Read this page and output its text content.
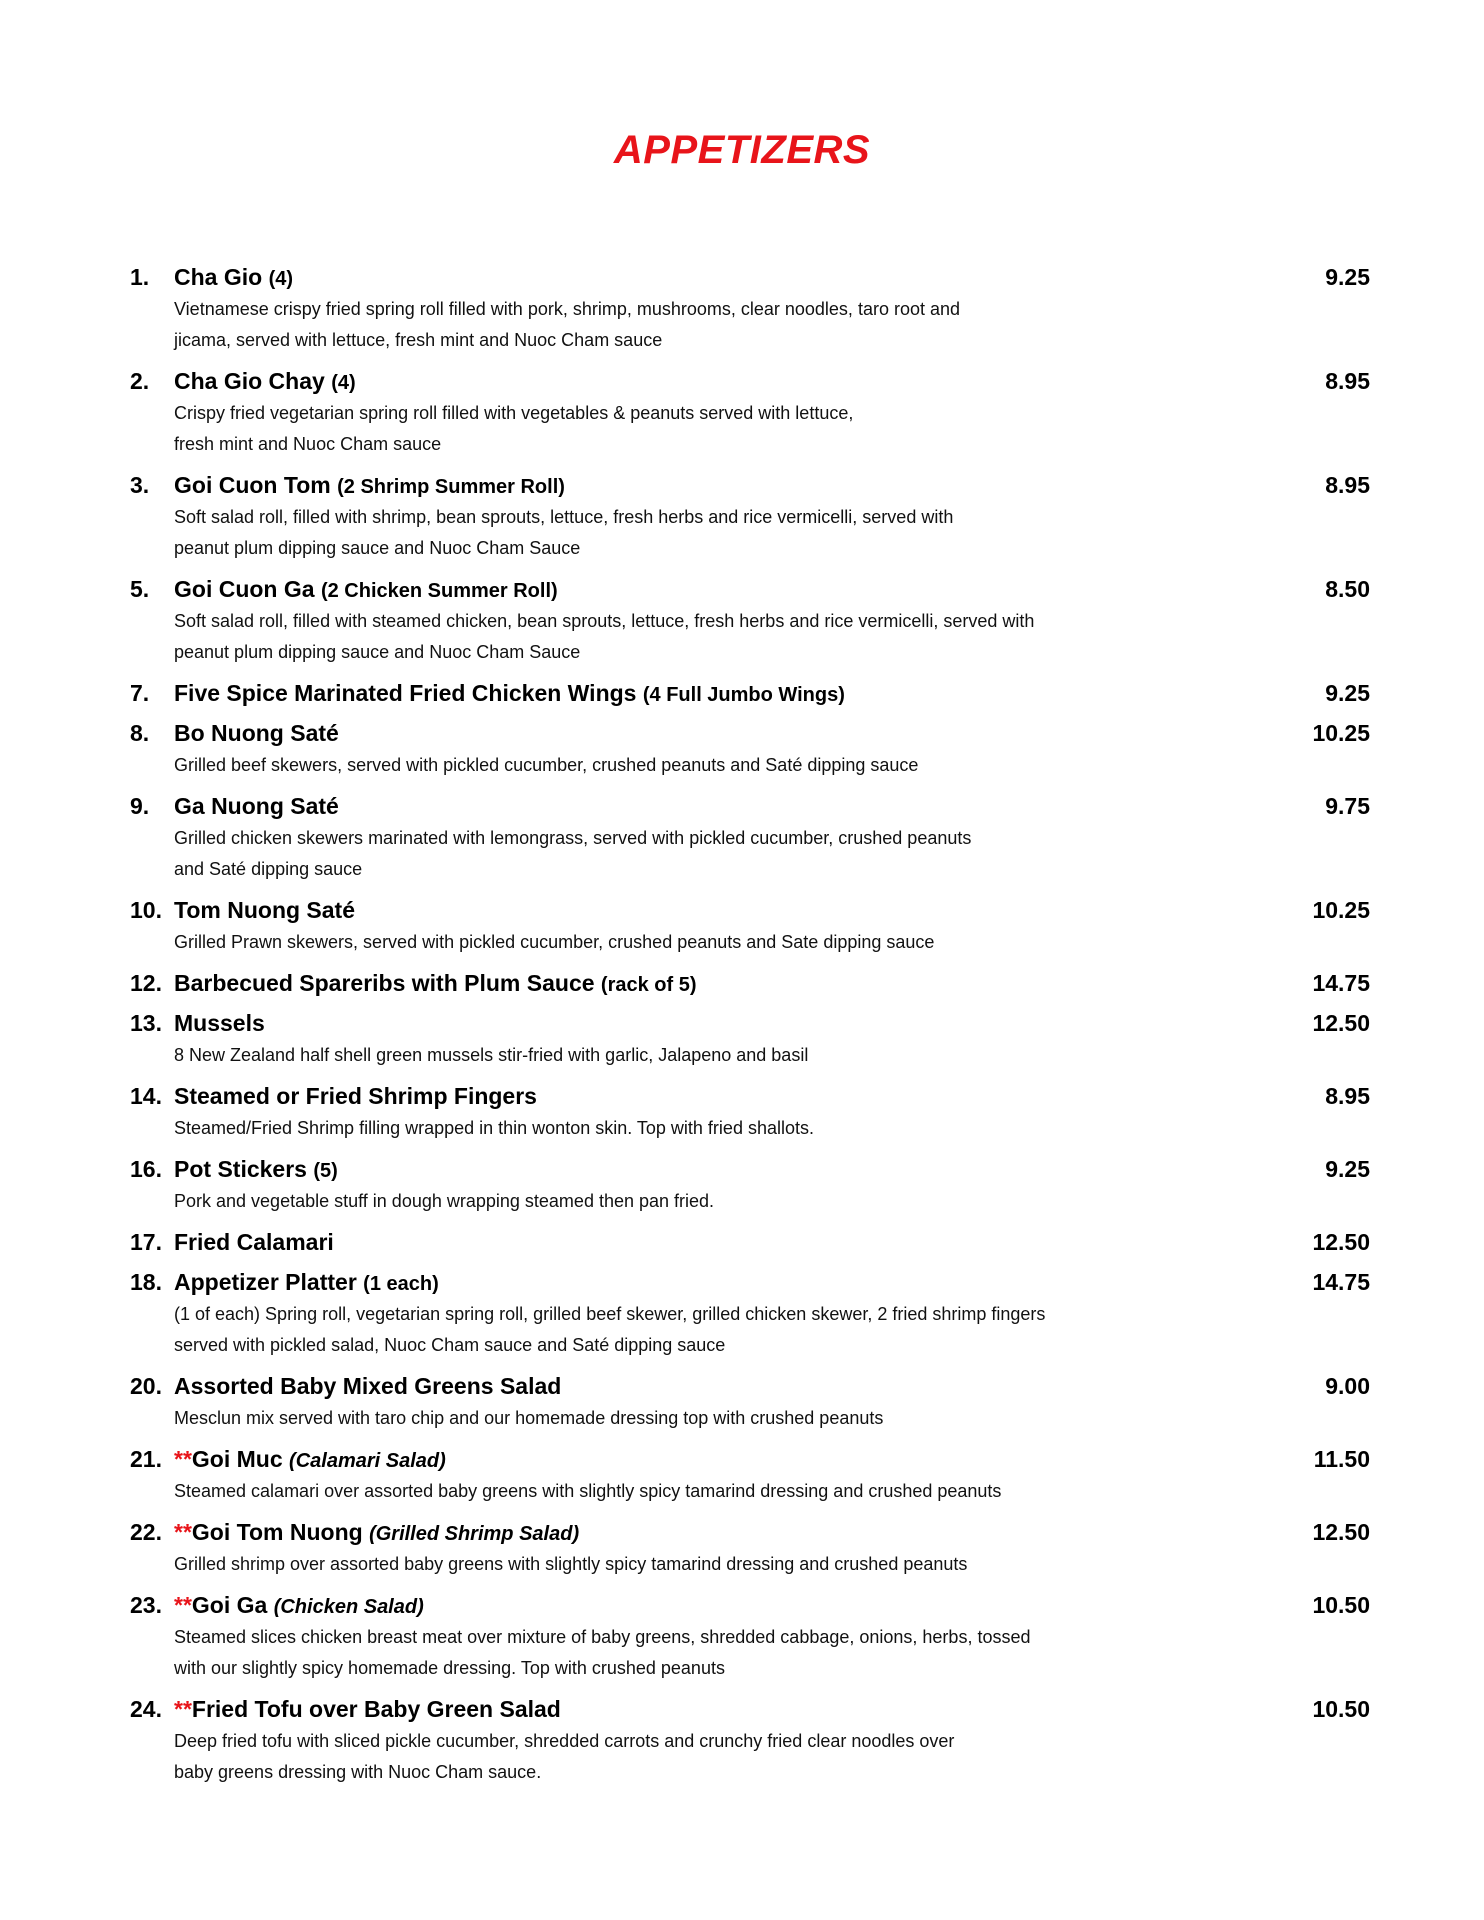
APPETIZERS
1. Cha Gio (4)	9.25
Vietnamese crispy fried spring roll filled with pork, shrimp, mushrooms, clear noodles, taro root and
jicama, served with lettuce, fresh mint and Nuoc Cham sauce
2. Cha Gio Chay (4)	8.95
Crispy fried vegetarian spring roll filled with vegetables & peanuts served with lettuce,
fresh mint and Nuoc Cham sauce
3. Goi Cuon Tom (2 Shrimp Summer Roll)	8.95
Soft salad roll, filled with shrimp, bean sprouts, lettuce, fresh herbs and rice vermicelli, served with
peanut plum dipping sauce and Nuoc Cham Sauce
5. Goi Cuon Ga (2 Chicken Summer Roll)	8.50
Soft salad roll, filled with steamed chicken, bean sprouts, lettuce, fresh herbs and rice vermicelli, served with
peanut plum dipping sauce and Nuoc Cham Sauce
7. Five Spice Marinated Fried Chicken Wings (4 Full Jumbo Wings)	9.25
8. Bo Nuong Saté	10.25
Grilled beef skewers, served with pickled cucumber, crushed peanuts and Saté dipping sauce
9. Ga Nuong Saté	9.75
Grilled chicken skewers marinated with lemongrass, served with pickled cucumber, crushed peanuts
and Saté dipping sauce
10. Tom Nuong Saté	10.25
Grilled Prawn skewers, served with pickled cucumber, crushed peanuts and Sate dipping sauce
12. Barbecued Spareribs with Plum Sauce (rack of 5)	14.75
13. Mussels	12.50
8 New Zealand half shell green mussels stir-fried with garlic, Jalapeno and basil
14. Steamed or Fried Shrimp Fingers	8.95
Steamed/Fried Shrimp filling wrapped in thin wonton skin. Top with fried shallots.
16. Pot Stickers (5)	9.25
Pork and vegetable stuff in dough wrapping steamed then pan fried.
17. Fried Calamari	12.50
18. Appetizer Platter (1 each)	14.75
(1 of each) Spring roll, vegetarian spring roll, grilled beef skewer, grilled chicken skewer, 2 fried shrimp fingers
served with pickled salad, Nuoc Cham sauce and Saté dipping sauce
20. Assorted Baby Mixed Greens Salad	9.00
Mesclun mix served with taro chip and our homemade dressing top with crushed peanuts
21. **Goi Muc (Calamari Salad)	11.50
Steamed calamari over assorted baby greens with slightly spicy tamarind dressing and crushed peanuts
22. **Goi Tom Nuong (Grilled Shrimp Salad)	12.50
Grilled shrimp over assorted baby greens with slightly spicy tamarind dressing and crushed peanuts
23. **Goi Ga (Chicken Salad)	10.50
Steamed slices chicken breast meat over mixture of baby greens, shredded cabbage, onions, herbs, tossed
with our slightly spicy homemade dressing. Top with crushed peanuts
24. **Fried Tofu over Baby Green Salad	10.50
Deep fried tofu with sliced pickle cucumber, shredded carrots and crunchy fried clear noodles over
baby greens dressing with Nuoc Cham sauce.
